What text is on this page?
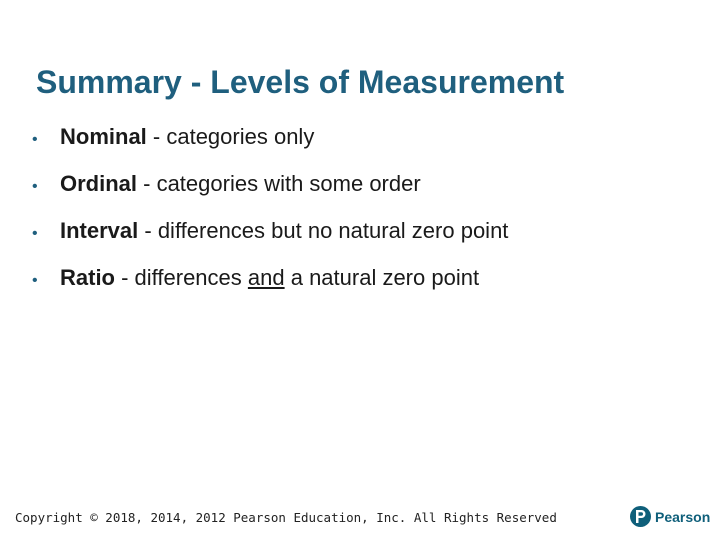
Summary - Levels of Measurement
•	Nominal - categories only
•	Ordinal - categories with some order
•	Interval - differences but no natural zero point
•	Ratio - differences and a natural zero point
Copyright © 2018, 2014, 2012 Pearson Education, Inc. All Rights Reserved	Pearson
